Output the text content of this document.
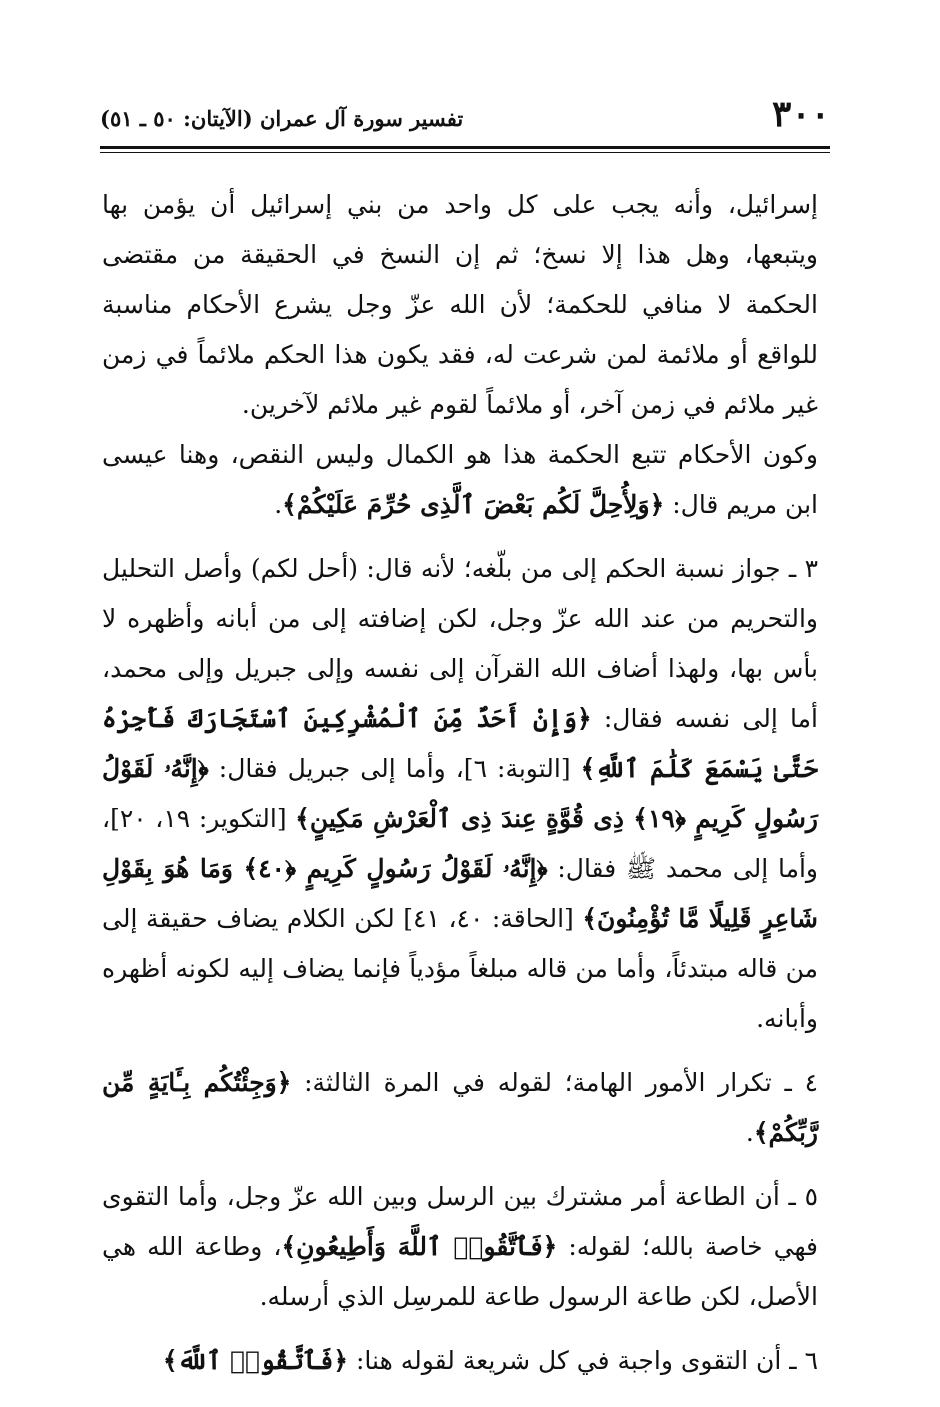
٣٠٠
تفسير سورة آل عمران (الآيتان: ٥٠ ـ ٥١)

إسرائيل، وأنه يجب على كل واحد من بني إسرائيل أن يؤمن بها ويتبعها، وهل هذا إلا نسخ؛ ثم إن النسخ في الحقيقة من مقتضى الحكمة لا منافي للحكمة؛ لأن الله عزّ وجل يشرع الأحكام مناسبة للواقع أو ملائمة لمن شرعت له، فقد يكون هذا الحكم ملائماً في زمن غير ملائم في زمن آخر، أو ملائماً لقوم غير ملائم لآخرين.

وكون الأحكام تتبع الحكمة هذا هو الكمال وليس النقص، وهنا عيسى ابن مريم قال: ﴿وَلِأُحِلَّ لَكُم بَعْضَ ٱلَّذِى حُرِّمَ عَلَيْكُمْ﴾.

٣ ـ جواز نسبة الحكم إلى من بلّغه؛ لأنه قال: (أحل لكم) وأصل التحليل والتحريم من عند الله عزّ وجل، لكن إضافته إلى من أبانه وأظهره لا بأس بها، ولهذا أضاف الله القرآن إلى نفسه وإلى جبريل وإلى محمد، أما إلى نفسه فقال: ﴿وَإِنْ أَحَدٌ مِّنَ ٱلْمُشْرِكِينَ ٱسْتَجَارَكَ فَأَجِرْهُ حَتَّىٰ يَسْمَعَ كَلَٰمَ ٱللَّهِ﴾ [التوبة: ٦]، وأما إلى جبريل فقال: ﴿إِنَّهُۥ لَقَوْلُ رَسُولٍ كَرِيمٍ ﴿١٩﴾ ذِى قُوَّةٍ عِندَ ذِى ٱلْعَرْشِ مَكِينٍ﴾ [التكوير: ١٩، ٢٠]، وأما إلى محمد ﷺ فقال: ﴿إِنَّهُۥ لَقَوْلُ رَسُولٍ كَرِيمٍ ﴿٤٠﴾ وَمَا هُوَ بِقَوْلِ شَاعِرٍ قَلِيلًا مَّا تُؤْمِنُونَ﴾ [الحاقة: ٤٠، ٤١] لكن الكلام يضاف حقيقة إلى من قاله مبتدئاً، وأما من قاله مبلغاً مؤدياً فإنما يضاف إليه لكونه أظهره وأبانه.

٤ ـ تكرار الأمور الهامة؛ لقوله في المرة الثالثة: ﴿وَجِئْتُكُم بِـَٔايَةٍ مِّن رَّبِّكُمْ﴾.

٥ ـ أن الطاعة أمر مشترك بين الرسل وبين الله عزّ وجل، وأما التقوى فهي خاصة بالله؛ لقوله: ﴿فَٱتَّقُوا۟ ٱللَّهَ وَأَطِيعُونِ﴾، وطاعة الله هي الأصل، لكن طاعة الرسول طاعة للمرسِل الذي أرسله.

٦ ـ أن التقوى واجبة في كل شريعة لقوله هنا: ﴿فَٱتَّقُوا۟ ٱللَّهَ﴾
